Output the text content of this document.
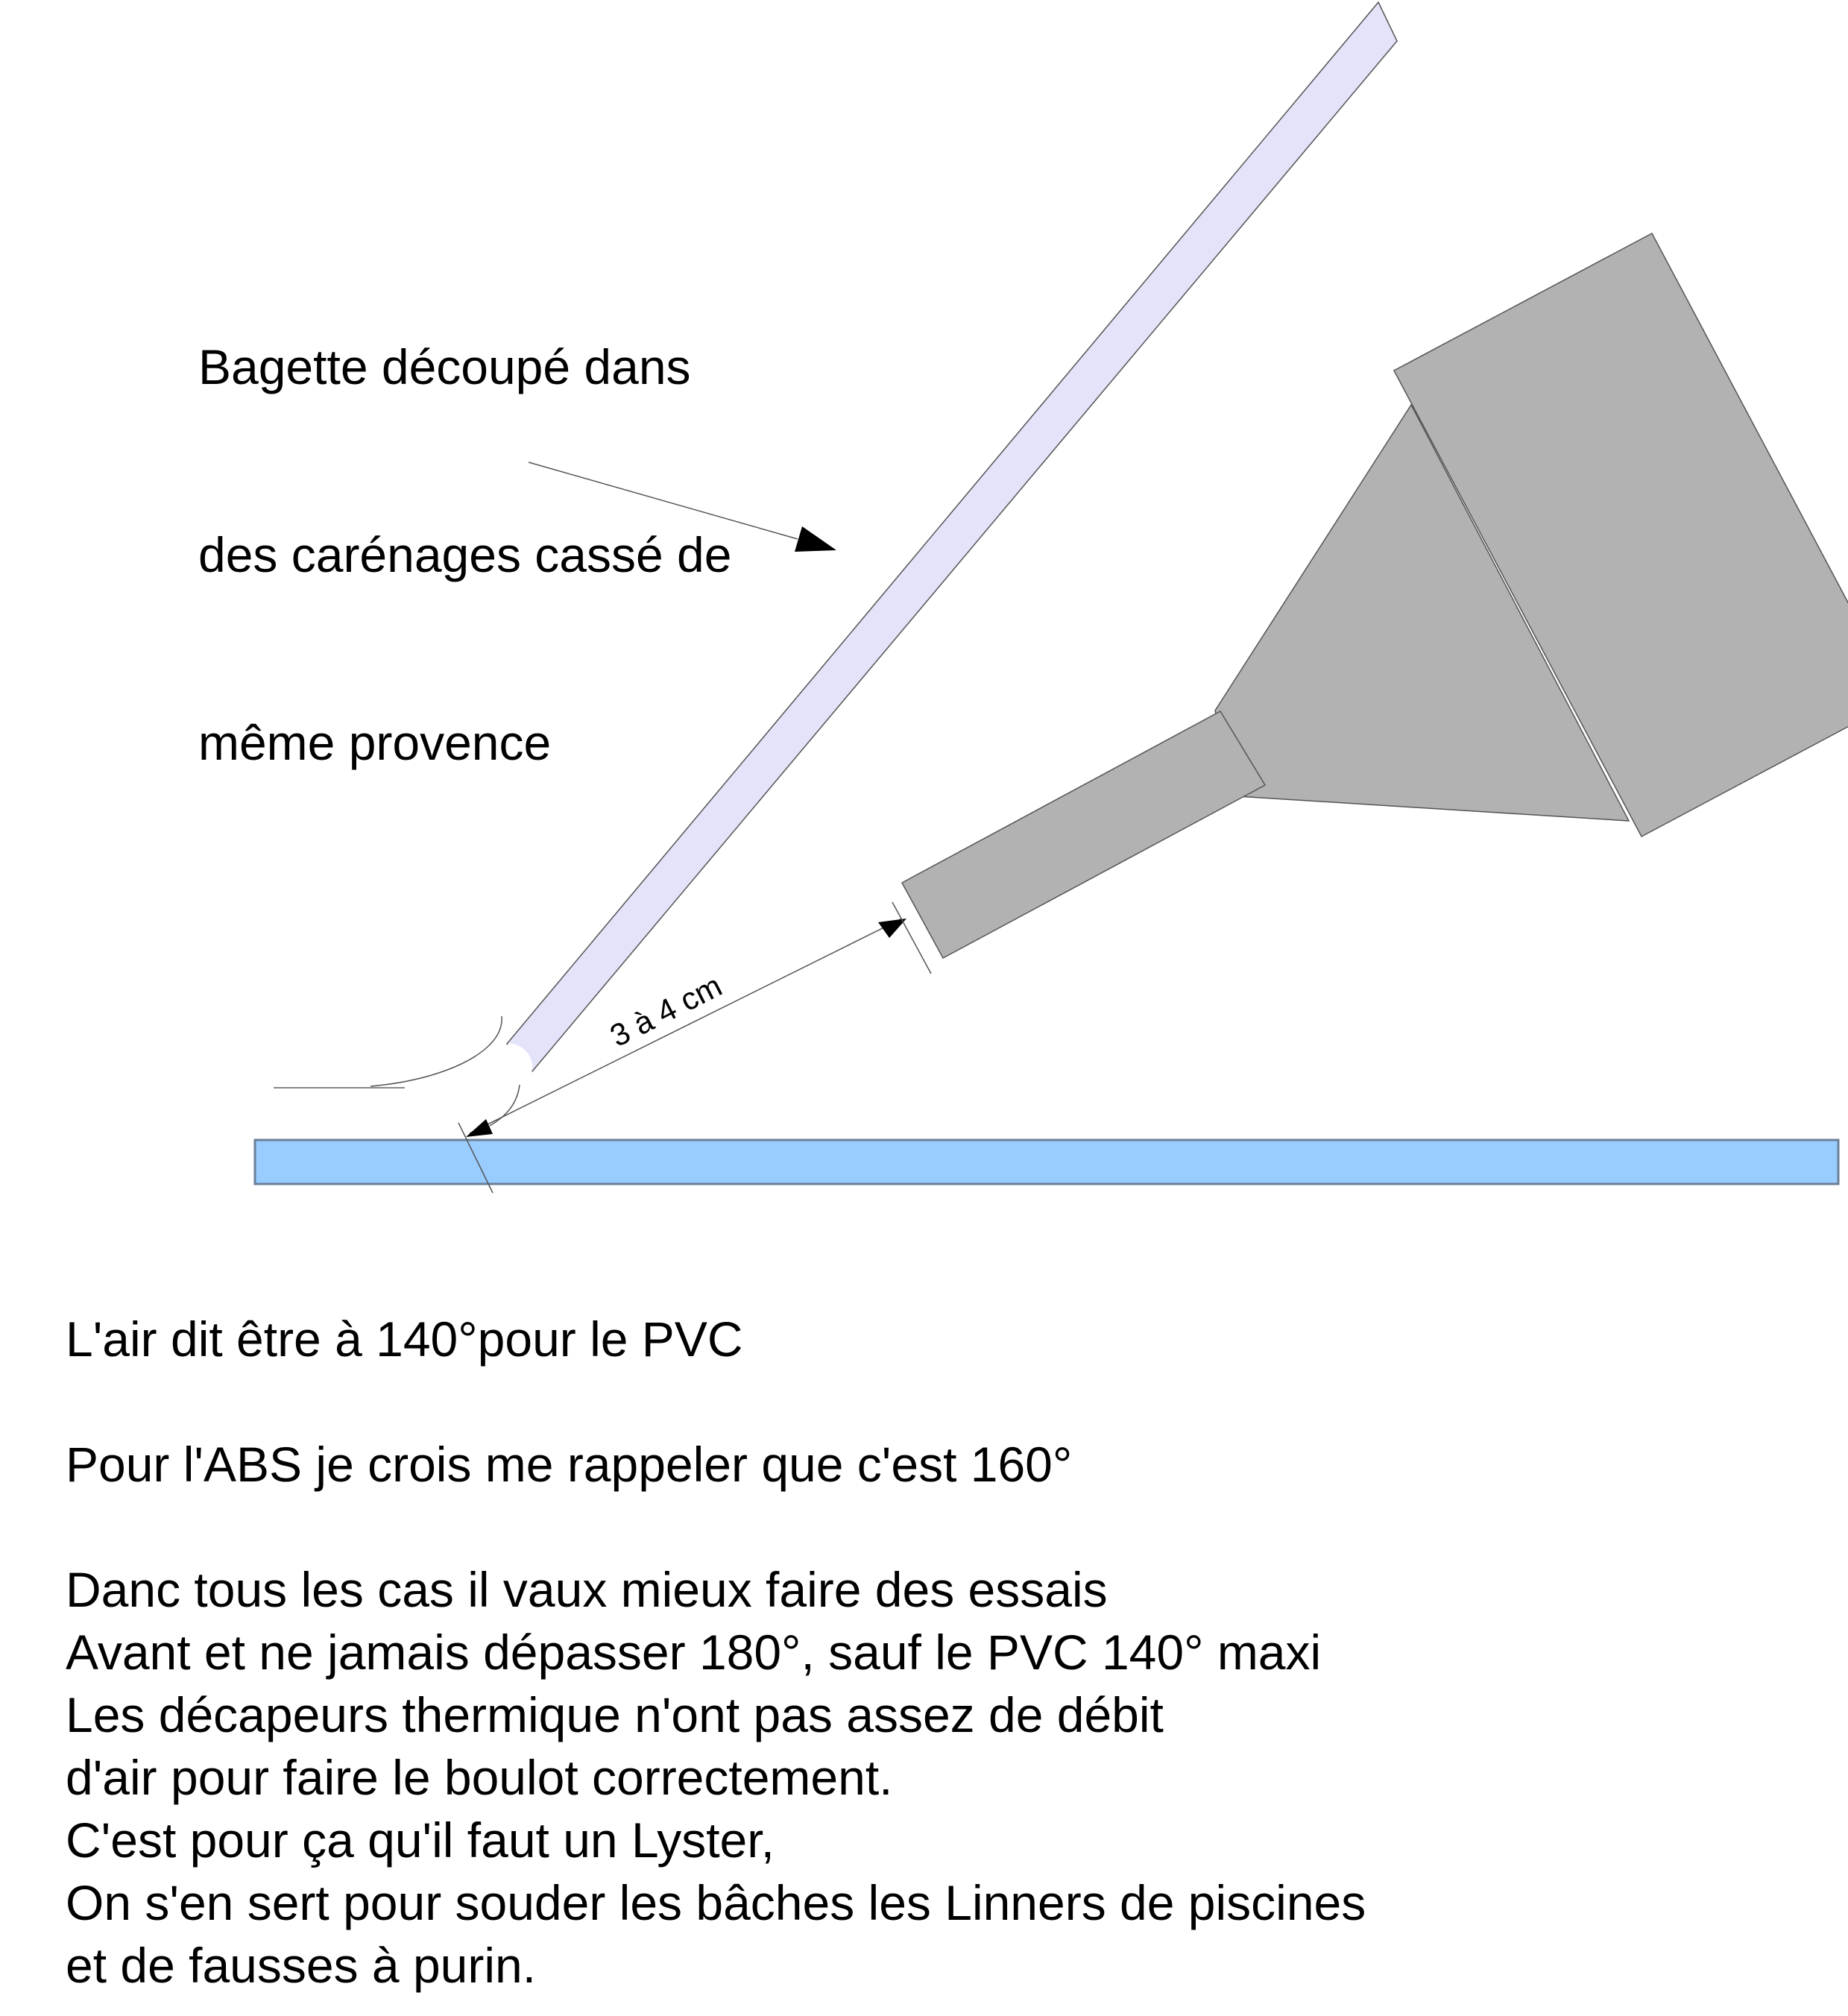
3 à 4 cm

Bagette découpé dans

des carénages cassé de

même provence

L'air dit être à 140°pour le PVC
Pour l'ABS je crois me rappeler que c'est 160°
Danc tous les cas il vaux mieux faire des essais
Avant et ne jamais dépasser 180°, sauf le PVC 140° maxi
Les décapeurs thermique n'ont pas assez de débit
d'air pour faire le boulot correctement.
C'est pour ça qu'il faut un Lyster,
On s'en sert pour souder les bâches les Linners de piscines
et de fausses à purin.
